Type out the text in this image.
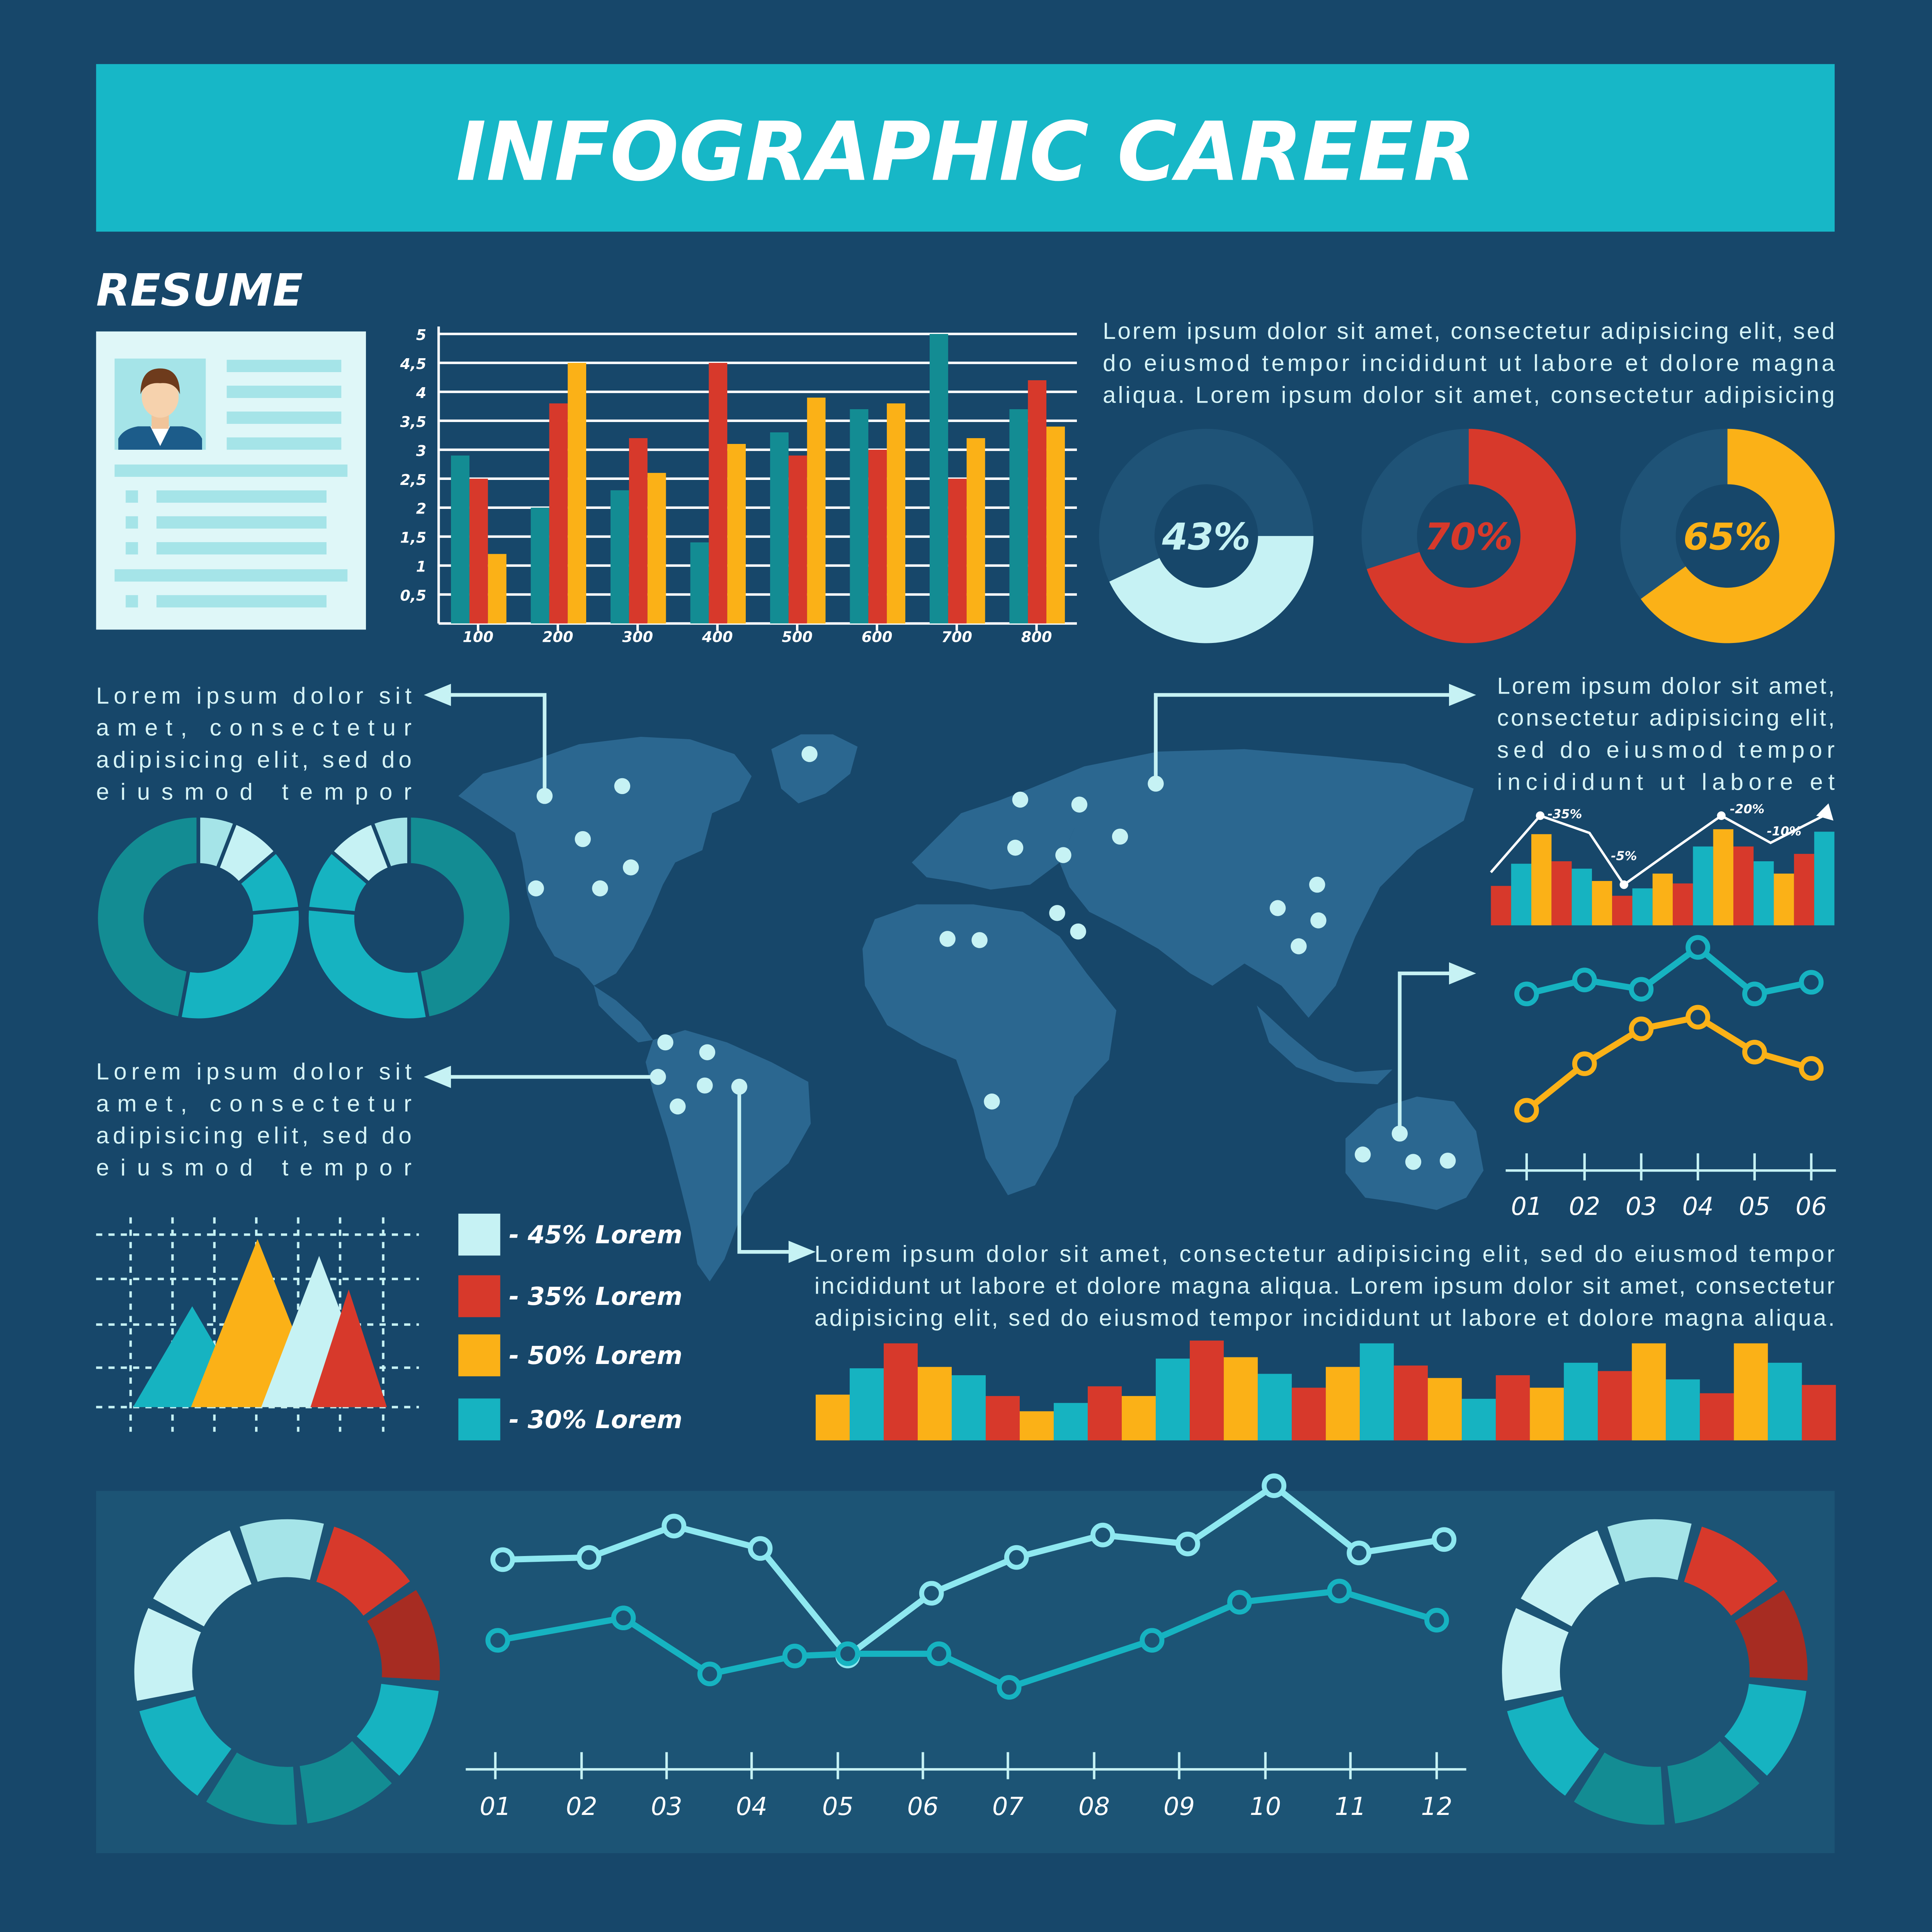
INFOGRAPHIC CAREER
RESUME
0,5
1
1,5
2
2,5
3
3,5
4
4,5
5
100	200	300	400	500	600	700	800
Lorem ipsum dolor sit amet, consectetur adipisicing elit, sed
do eiusmod tempor incididunt ut labore et dolore magna
aliqua. Lorem ipsum dolor sit amet, consectetur adipisicing
43%	70%	65%
Lorem ipsum dolor sit
amet, consectetur
adipisicing elit, sed do
eiusmod tempor
Lorem ipsum dolor sit
amet, consectetur
adipisicing elit, sed do
eiusmod tempor
- 45% Lorem
- 35% Lorem
- 50% Lorem
- 30% Lorem
Lorem ipsum dolor sit amet,
consectetur adipisicing elit,
sed do eiusmod tempor
incididunt ut labore et
-35%
-5%
-20%
-10%
01	02	03	04	05	06
Lorem ipsum dolor sit amet, consectetur adipisicing elit, sed do eiusmod tempor
incididunt ut labore et dolore magna aliqua. Lorem ipsum dolor sit amet, consectetur
adipisicing elit, sed do eiusmod tempor incididunt ut labore et dolore magna aliqua.
01	02	03	04	05	06	07	08	09	10	11	12
